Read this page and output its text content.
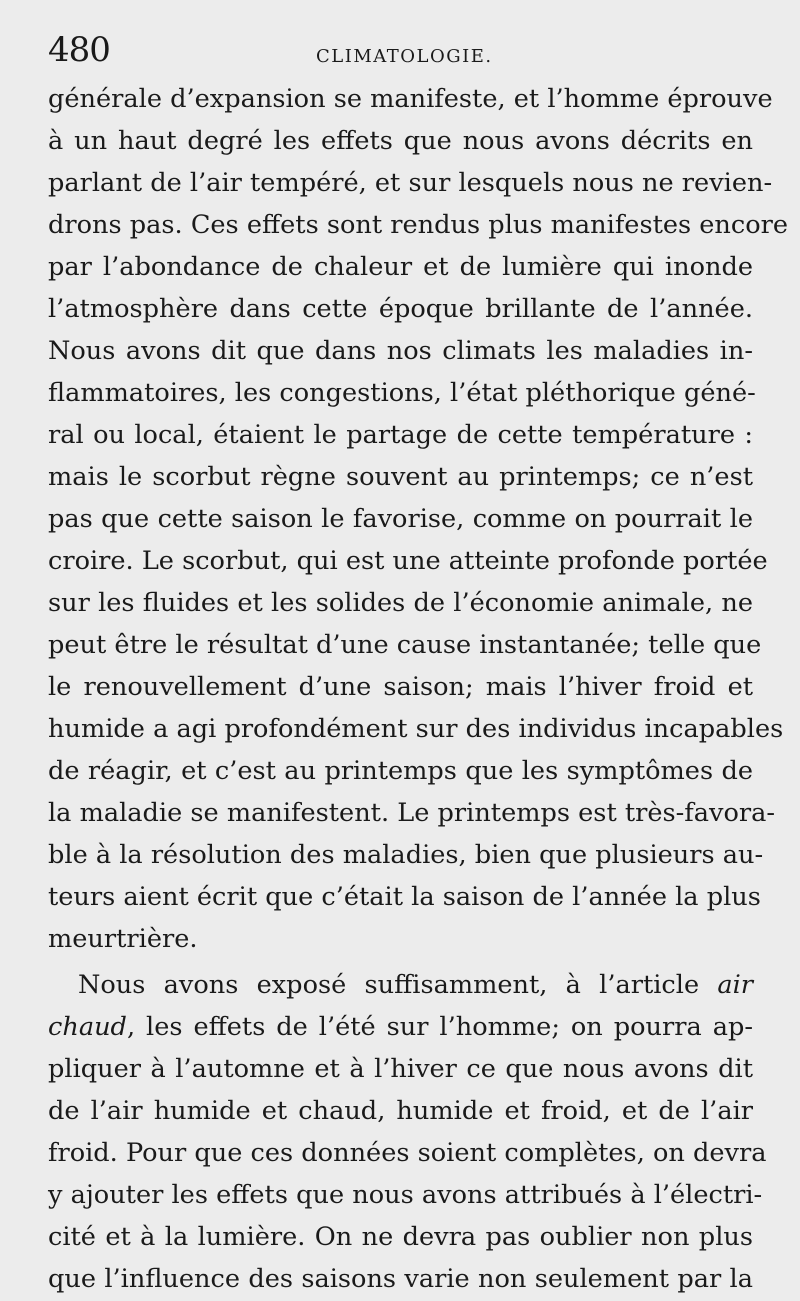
480	CLIMATOLOGIE.
générale d’expansion se manifeste, et l’homme éprouve
à un haut degré les effets que nous avons décrits en
parlant de l’air tempéré, et sur lesquels nous ne revien-
drons pas. Ces effets sont rendus plus manifestes encore
par l’abondance de chaleur et de lumière qui inonde
l’atmosphère dans cette époque brillante de l’année.
Nous avons dit que dans nos climats les maladies in-
flammatoires, les congestions, l’état pléthorique géné-
ral ou local, étaient le partage de cette température :
mais le scorbut règne souvent au printemps; ce n’est
pas que cette saison le favorise, comme on pourrait le
croire. Le scorbut, qui est une atteinte profonde portée
sur les fluides et les solides de l’économie animale, ne
peut être le résultat d’une cause instantanée; telle que
le renouvellement d’une saison; mais l’hiver froid et
humide a agi profondément sur des individus incapables
de réagir, et c’est au printemps que les symptômes de
la maladie se manifestent. Le printemps est très-favora-
ble à la résolution des maladies, bien que plusieurs au-
teurs aient écrit que c’était la saison de l’année la plus
meurtrière.
Nous avons exposé suffisamment, à l’article air
chaud, les effets de l’été sur l’homme; on pourra ap-
pliquer à l’automne et à l’hiver ce que nous avons dit
de l’air humide et chaud, humide et froid, et de l’air
froid. Pour que ces données soient complètes, on devra
y ajouter les effets que nous avons attribués à l’électri-
cité et à la lumière. On ne devra pas oublier non plus
que l’influence des saisons varie non seulement par la
